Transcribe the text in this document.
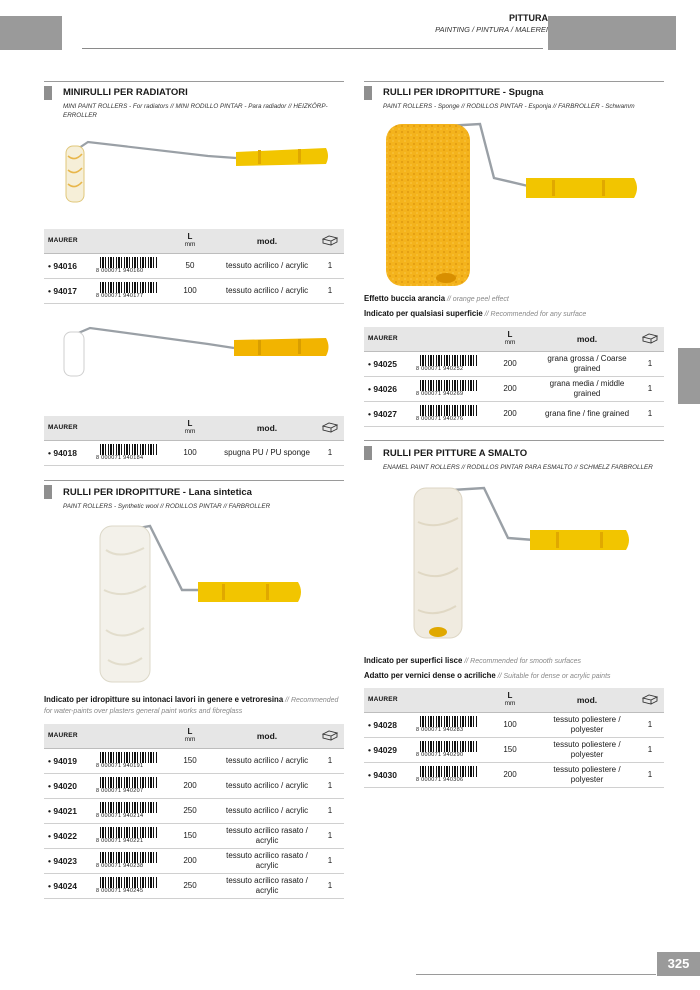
PITTURA
PAINTING / PINTURA / MALEREI
MINIRULLI PER RADIATORI
MINI PAINT ROLLERS - For radiators // MINI RODILLO PINTAR - Para radiador // HEIZKÖRP-ERROLLER
MAURER		L
mm	mod.	
• 94016	8 000071 940160	50	tessuto acrilico / acrylic	1
• 94017	8 000071 940177	100	tessuto acrilico / acrylic	1
MAURER		L
mm	mod.	
• 94018	8 000071 940184	100	spugna PU / PU sponge	1
RULLI PER IDROPITTURE - Lana sintetica
PAINT ROLLERS - Synthetic wool // RODILLOS PINTAR // FARBROLLER
Indicato per idropitture su intonaci lavori in genere e vetroresina // Recommended for water-paints over plasters general paint works and fibreglass
MAURER		L
mm	mod.	
• 94019	8 000071 940191	150	tessuto acrilico / acrylic	1
• 94020	8 000071 940207	200	tessuto acrilico / acrylic	1
• 94021	8 000071 940214	250	tessuto acrilico / acrylic	1
• 94022	8 000071 940221	150	tessuto acrilico rasato / acrylic	1
• 94023	8 000071 940238	200	tessuto acrilico rasato / acrylic	1
• 94024	8 000071 940245	250	tessuto acrilico rasato / acrylic	1
RULLI PER IDROPITTURE - Spugna
PAINT ROLLERS - Sponge // RODILLOS PINTAR - Esponja // FARBROLLER - Schwamm
Effetto buccia arancia // orange peel effect
Indicato per qualsiasi superficie // Recommended for any surface
MAURER		L
mm	mod.	
• 94025	8 000071 940252	200	grana grossa / Coarse grained	1
• 94026	8 000071 940269	200	grana media / middle grained	1
• 94027	8 000071 940276	200	grana fine / fine grained	1
RULLI PER PITTURE A SMALTO
ENAMEL PAINT ROLLERS // RODILLOS PINTAR PARA ESMALTO // SCHMELZ FARBROLLER
Indicato per superfici lisce // Recommended for smooth surfaces
Adatto per vernici dense o acriliche // Suitable for dense or acrylic paints
MAURER		L
mm	mod.	
• 94028	8 000071 940283	100	tessuto poliestere / polyester	1
• 94029	8 000071 940290	150	tessuto poliestere / polyester	1
• 94030	8 000071 940306	200	tessuto poliestere / polyester	1
325
